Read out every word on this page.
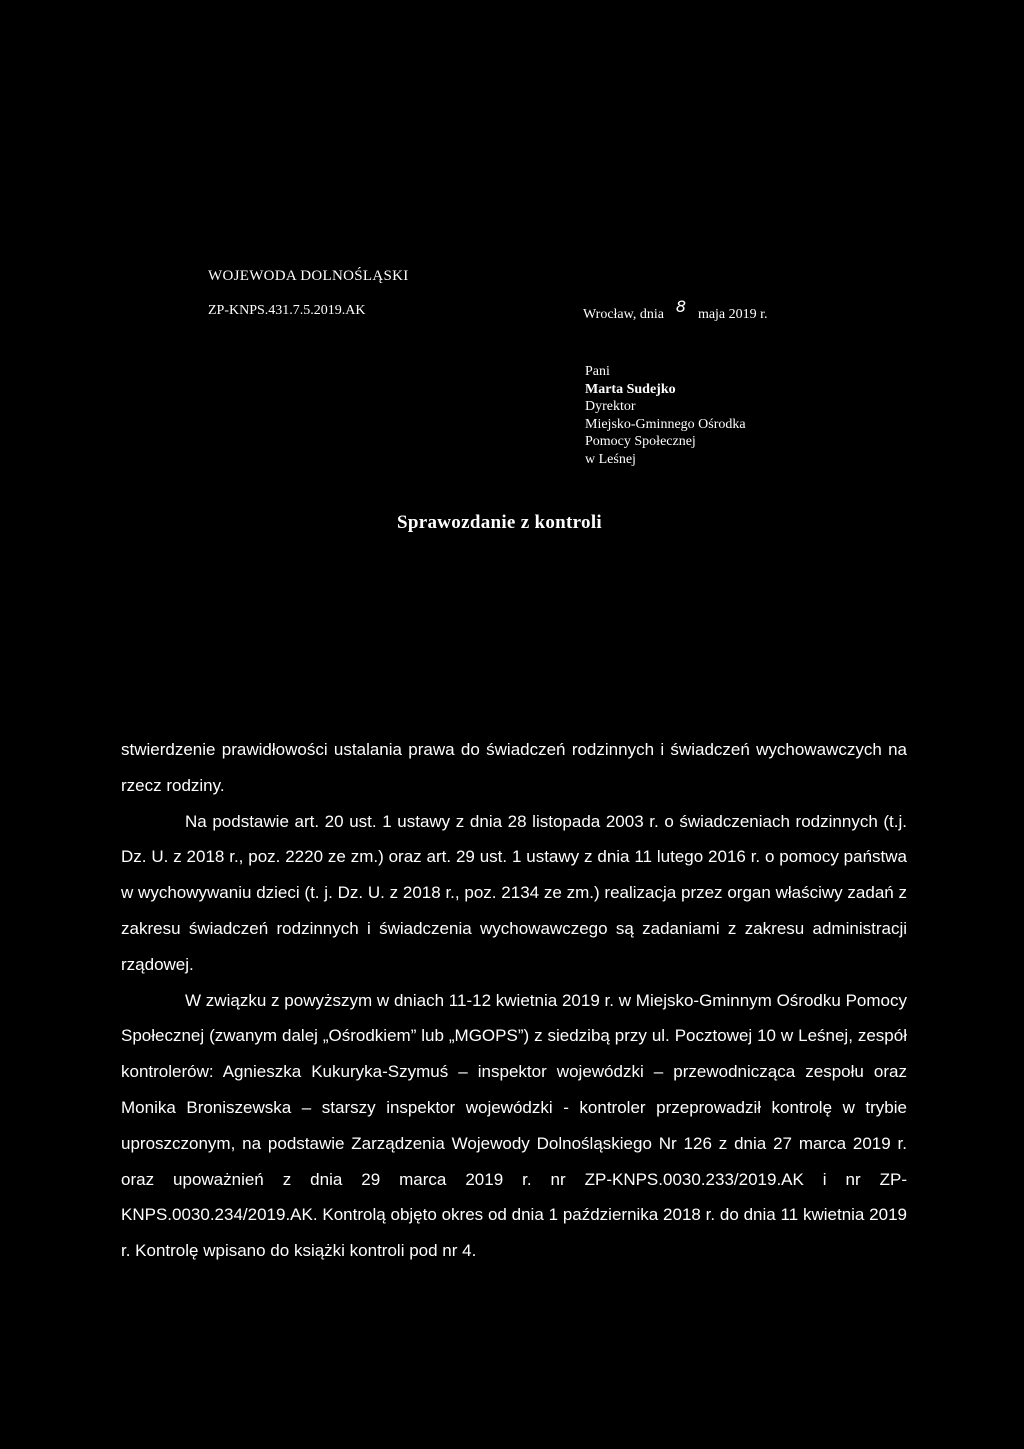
WOJEWODA DOLNOŚLĄSKI
ZP-KNPS.431.7.5.2019.AK	Wrocław, dnia 8 maja 2019 r.
Pani
Marta Sudejko
Dyrektor
Miejsko-Gminnego Ośrodka
Pomocy Społecznej
w Leśnej
Sprawozdanie z kontroli

stwierdzenie prawidłowości ustalania prawa do świadczeń rodzinnych i świadczeń wychowawczych na rzecz rodziny.

Na podstawie art. 20 ust. 1 ustawy z dnia 28 listopada 2003 r. o świadczeniach rodzinnych (t.j. Dz. U. z 2018 r., poz. 2220 ze zm.) oraz art. 29 ust. 1 ustawy z dnia 11 lutego 2016 r. o pomocy państwa w wychowywaniu dzieci (t. j. Dz. U. z 2018 r., poz. 2134 ze zm.) realizacja przez organ właściwy zadań z zakresu świadczeń rodzinnych i świadczenia wychowawczego są zadaniami z zakresu administracji rządowej.

W związku z powyższym w dniach 11-12 kwietnia 2019 r. w Miejsko-Gminnym Ośrodku Pomocy Społecznej (zwanym dalej „Ośrodkiem” lub „MGOPS”) z siedzibą przy ul. Pocztowej 10 w Leśnej, zespół kontrolerów: Agnieszka Kukuryka-Szymuś – inspektor wojewódzki – przewodnicząca zespołu oraz Monika Broniszewska – starszy inspektor wojewódzki - kontroler przeprowadził kontrolę w trybie uproszczonym, na podstawie Zarządzenia Wojewody Dolnośląskiego Nr 126 z dnia 27 marca 2019 r. oraz upoważnień z dnia 29 marca 2019 r. nr ZP-KNPS.0030.233/2019.AK i nr ZP-KNPS.0030.234/2019.AK. Kontrolą objęto okres od dnia 1 października 2018 r. do dnia 11 kwietnia 2019 r. Kontrolę wpisano do książki kontroli pod nr 4.
